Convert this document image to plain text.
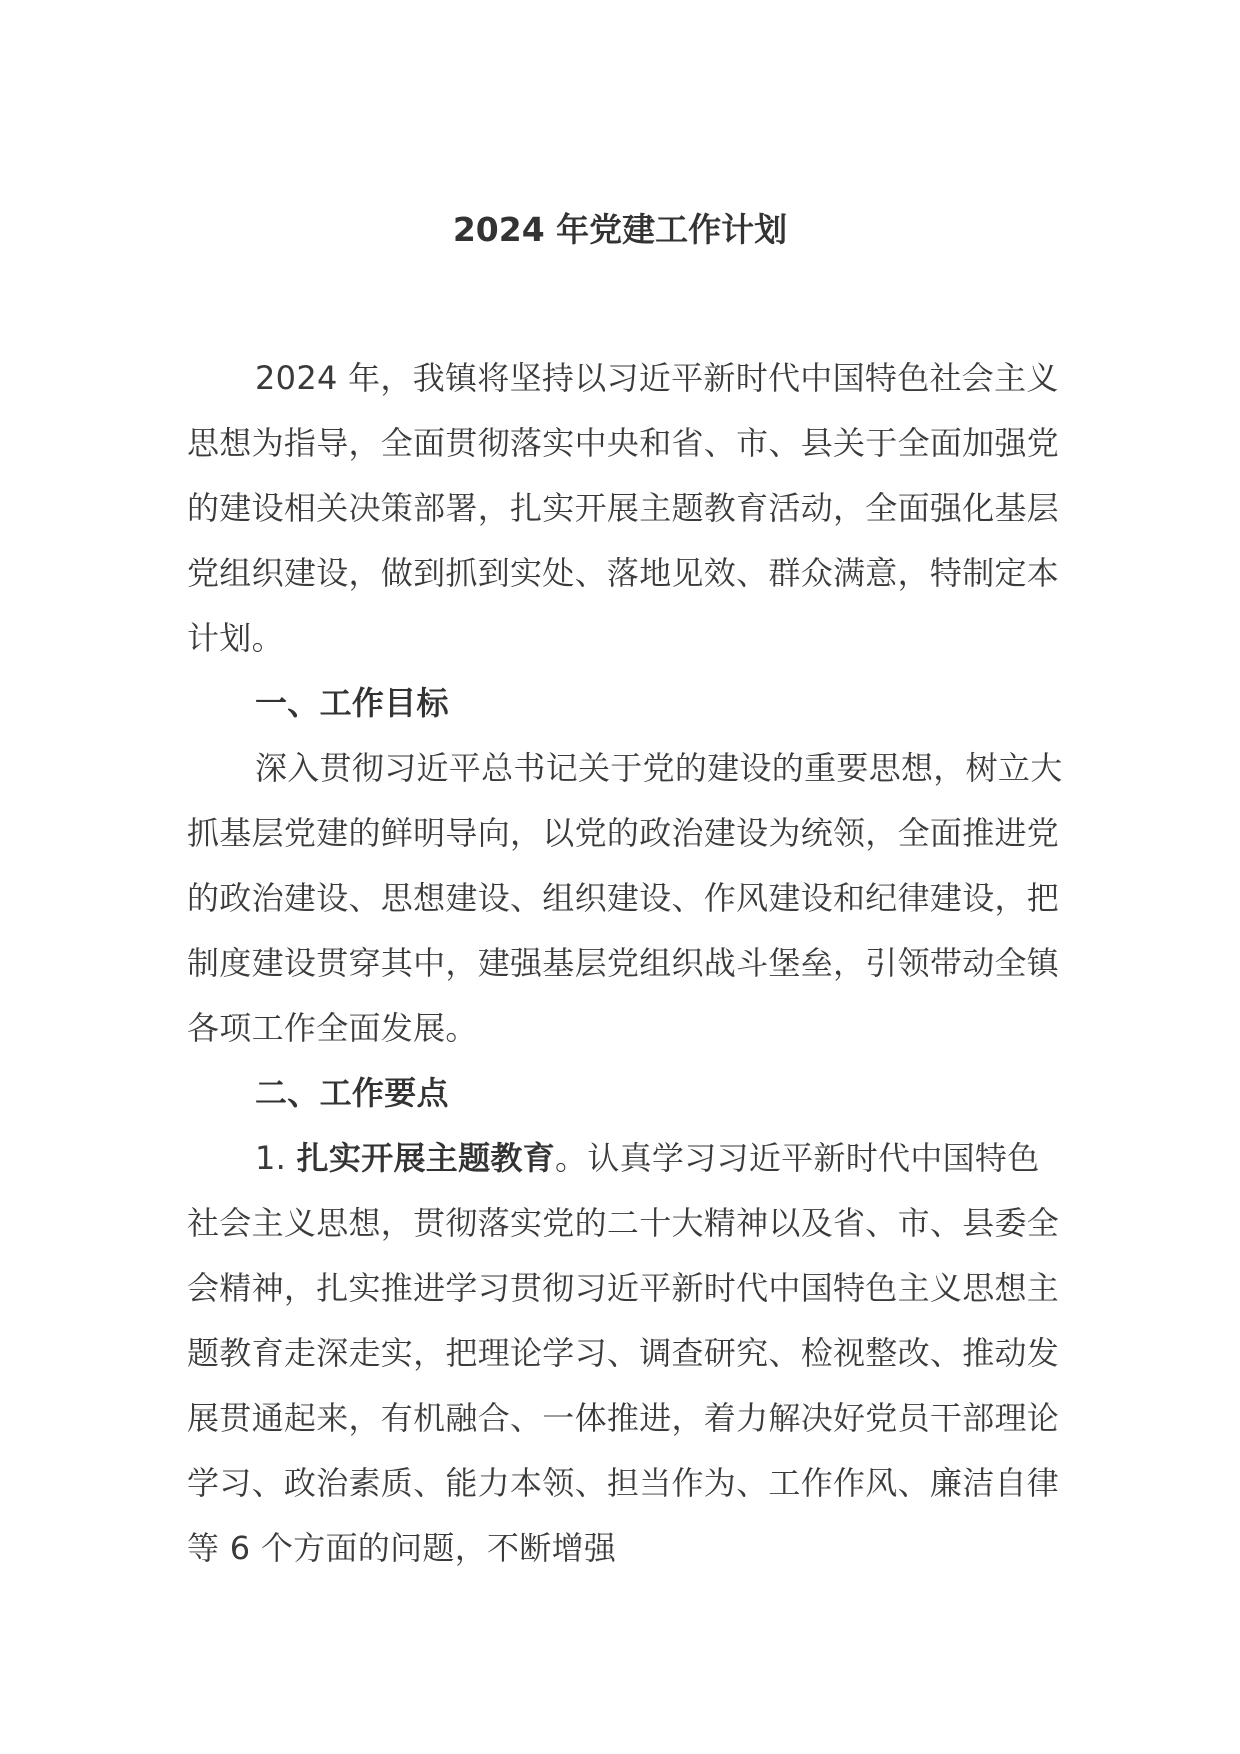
2024 年党建工作计划

2024 年，我镇将坚持以习近平新时代中国特色社会主义思想为指导，全面贯彻落实中央和省、市、县关于全面加强党的建设相关决策部署，扎实开展主题教育活动，全面强化基层党组织建设，做到抓到实处、落地见效、群众满意，特制定本计划。

一、工作目标

深入贯彻习近平总书记关于党的建设的重要思想，树立大抓基层党建的鲜明导向，以党的政治建设为统领，全面推进党的政治建设、思想建设、组织建设、作风建设和纪律建设，把制度建设贯穿其中，建强基层党组织战斗堡垒，引领带动全镇各项工作全面发展。

二、工作要点

1. 扎实开展主题教育。认真学习习近平新时代中国特色社会主义思想，贯彻落实党的二十大精神以及省、市、县委全会精神，扎实推进学习贯彻习近平新时代中国特色主义思想主题教育走深走实，把理论学习、调查研究、检视整改、推动发展贯通起来，有机融合、一体推进，着力解决好党员干部理论学习、政治素质、能力本领、担当作为、工作作风、廉洁自律等 6 个方面的问题，不断增强
